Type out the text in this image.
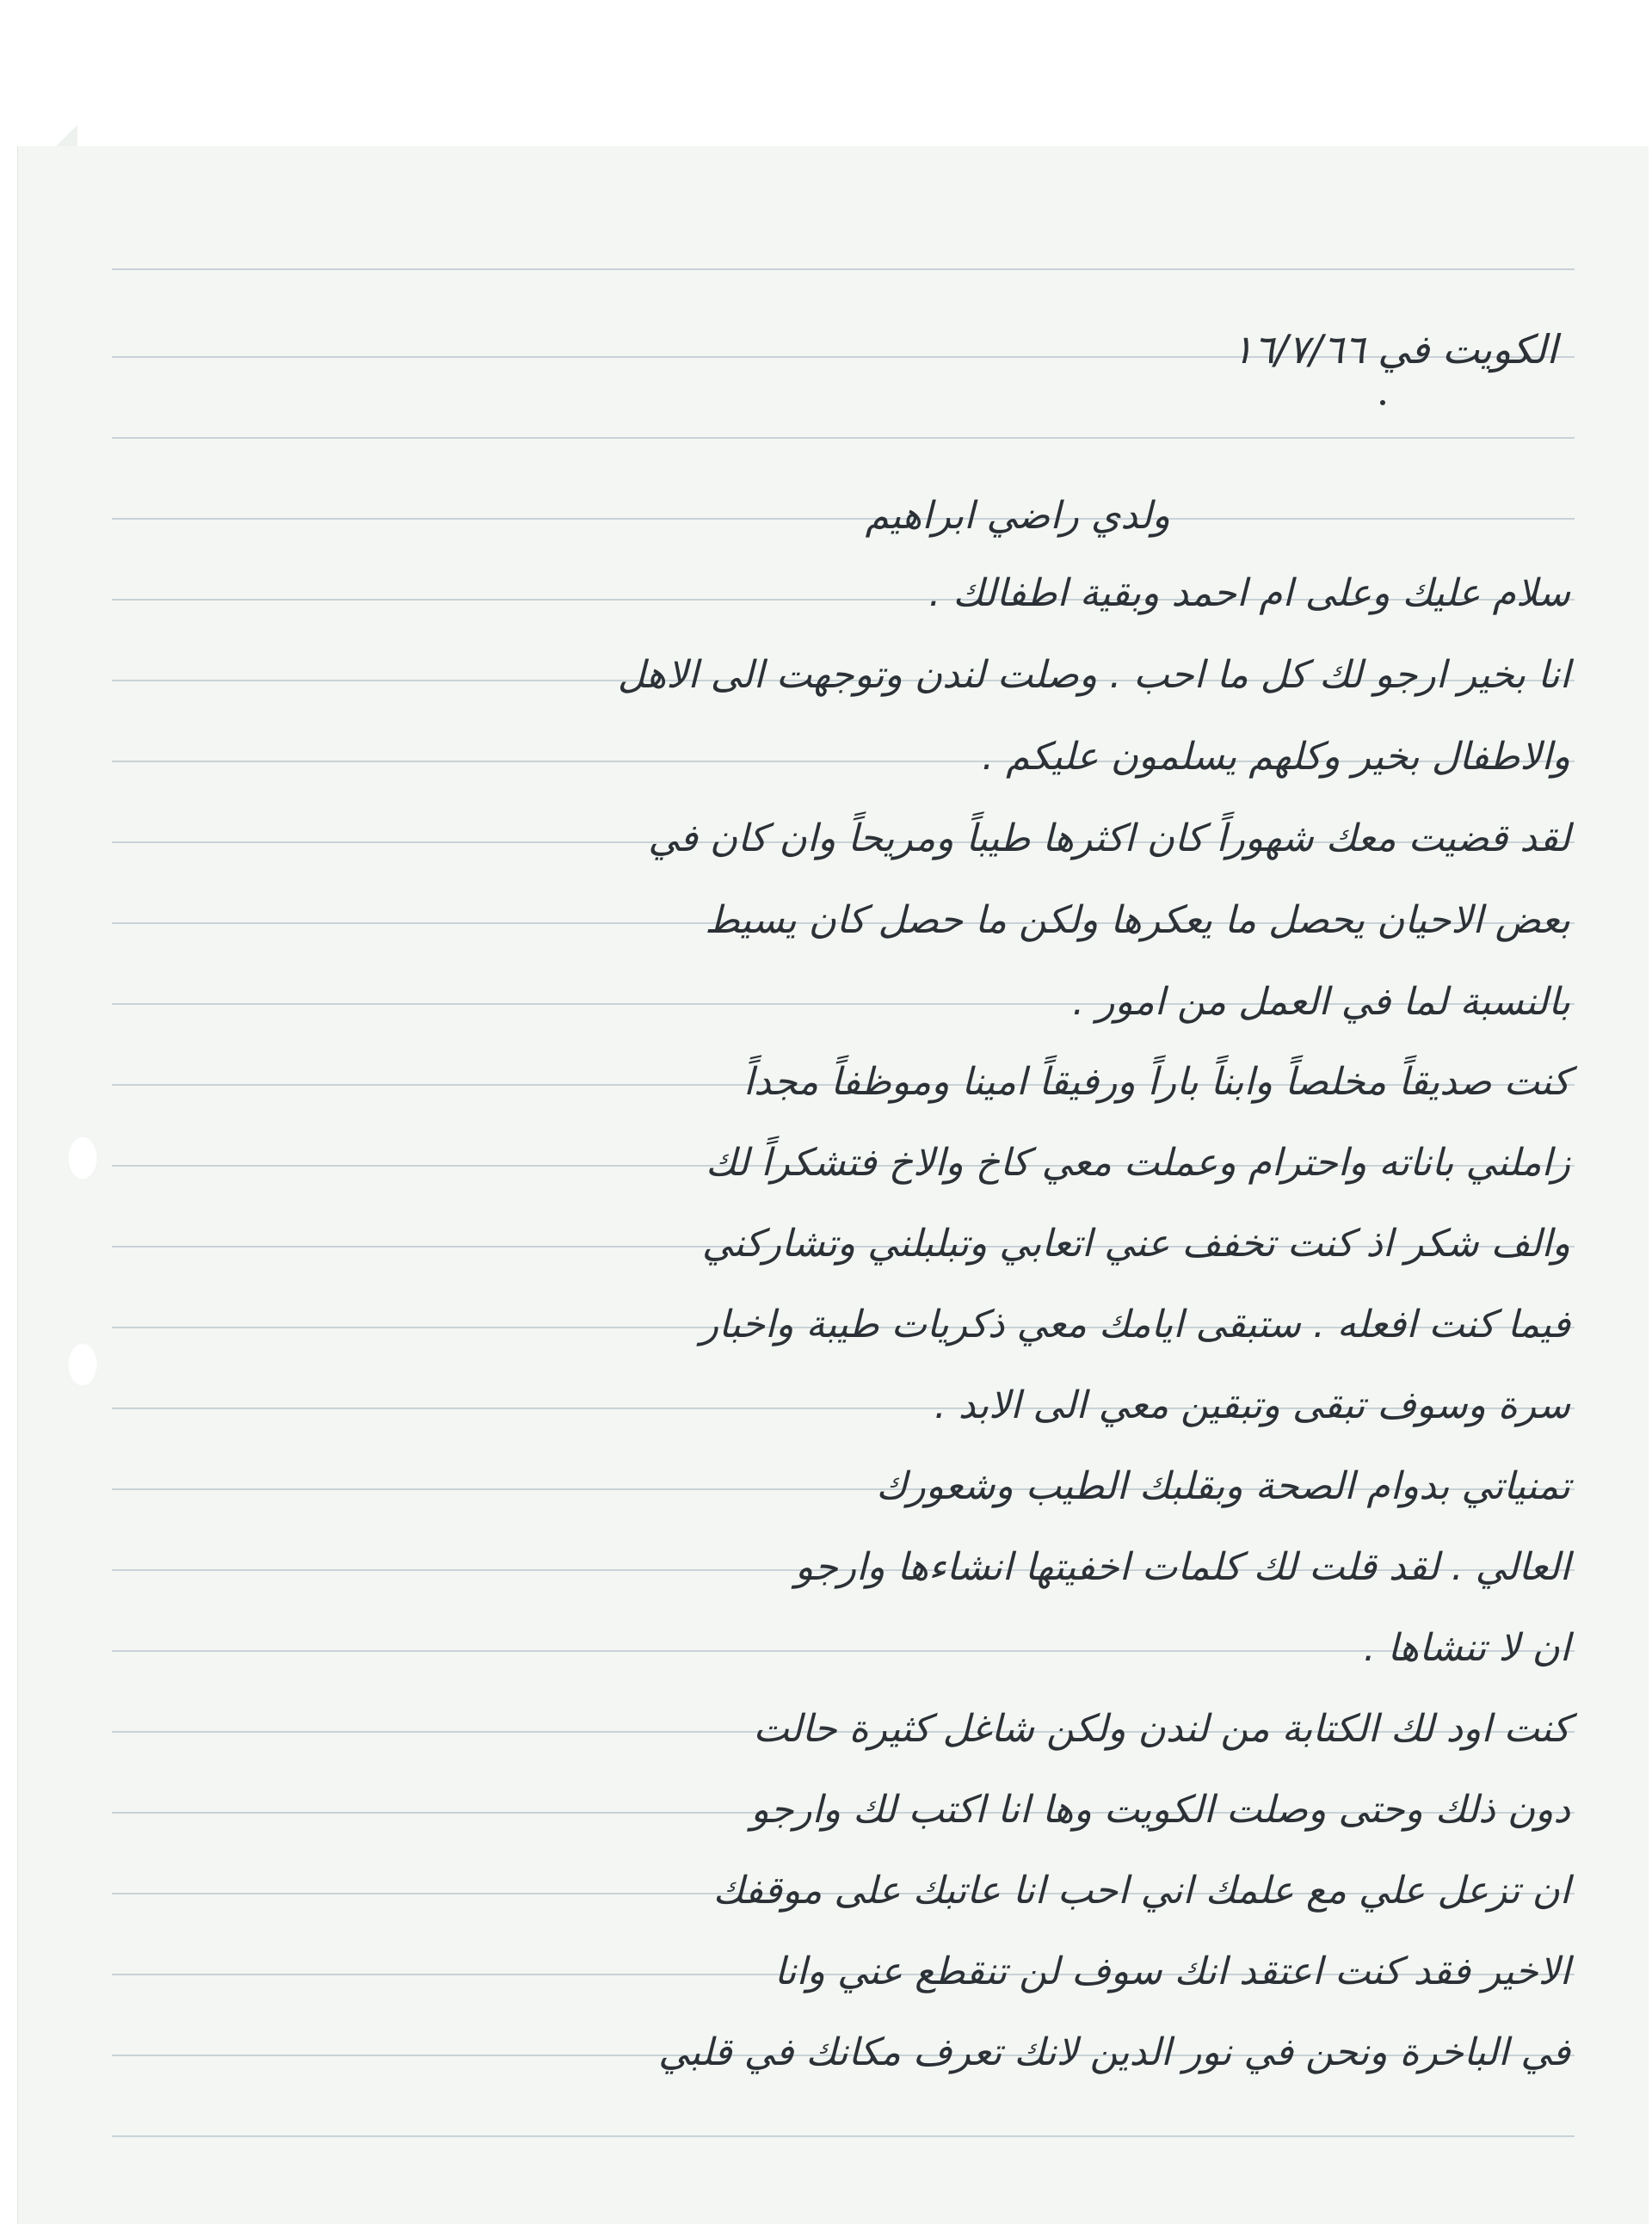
الكويت في ١٦/٧/٦٦
ولدي راضي ابراهيم
سلام عليك وعلى ام احمد وبقية اطفالك .
انا بخير ارجو لك كل ما احب . وصلت لندن وتوجهت الى الاهل
والاطفال بخير وكلهم يسلمون عليكم .
لقد قضيت معك شهوراً كان اكثرها طيباً ومريحاً وان كان في
بعض الاحيان يحصل ما يعكرها ولكن ما حصل كان يسيط
بالنسبة لما في العمل من امور .
كنت صديقاً مخلصاً وابناً باراً ورفيقاً امينا وموظفاً مجداً
زاملني باناته واحترام وعملت معي كاخ والاخ فتشكراً لك
والف شكر اذ كنت تخفف عني اتعابي وتبلبلني وتشاركني
فيما كنت افعله . ستبقى ايامك معي ذكريات طيبة واخبار
سرة وسوف تبقى وتبقين معي الى الابد .
تمنياتي بدوام الصحة وبقلبك الطيب وشعورك
العالي . لقد قلت لك كلمات اخفيتها انشاءها وارجو
ان لا تنشاها .
كنت اود لك الكتابة من لندن ولكن شاغل كثيرة حالت
دون ذلك وحتى وصلت الكويت وها انا اكتب لك وارجو
ان تزعل علي مع علمك اني احب انا عاتبك على موقفك
الاخير فقد كنت اعتقد انك سوف لن تنقطع عني وانا
في الباخرة ونحن في نور الدين لانك تعرف مكانك في قلبي
